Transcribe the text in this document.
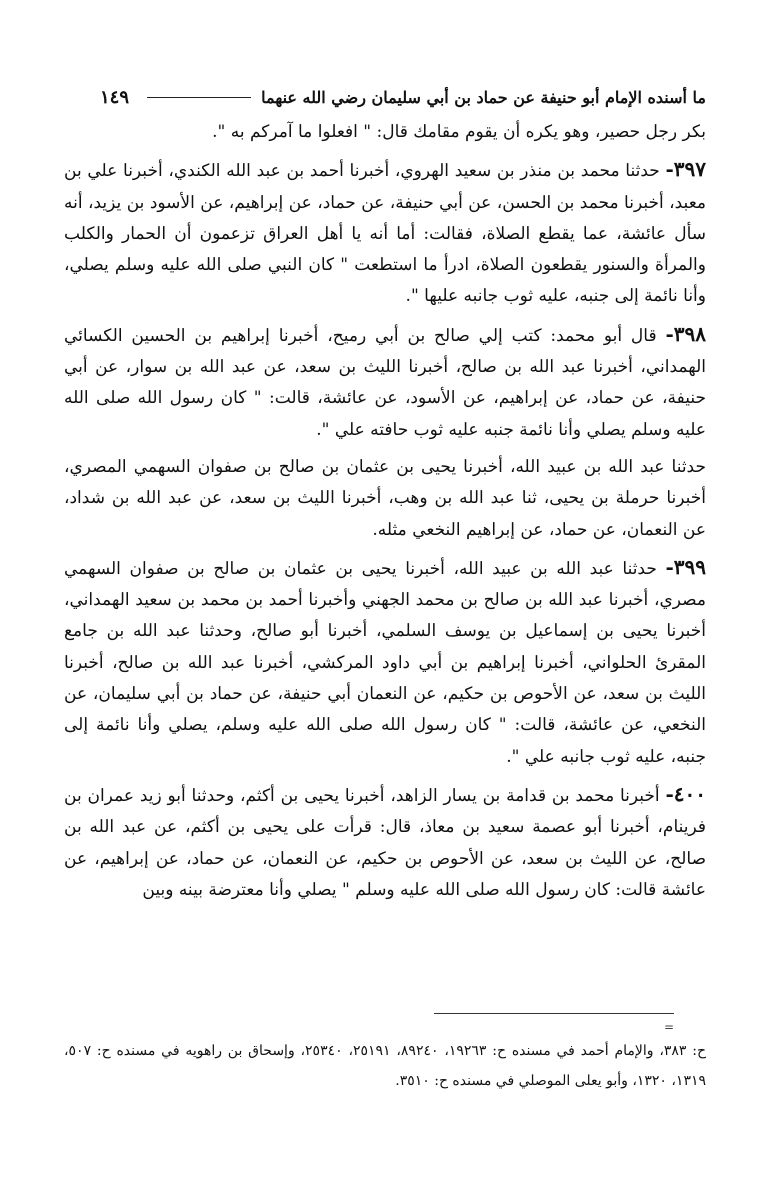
ما أسنده الإمام أبو حنيفة عن حماد بن أبي سليمان رضي الله عنهما
١٤٩

بكر رجل حصير، وهو يكره أن يقوم مقامك قال: " افعلوا ما آمركم به ".

٣٩٧- حدثنا محمد بن منذر بن سعيد الهروي، أخبرنا أحمد بن عبد الله الكندي، أخبرنا علي بن معبد، أخبرنا محمد بن الحسن، عن أبي حنيفة، عن حماد، عن إبراهيم، عن الأسود بن يزيد، أنه سأل عائشة، عما يقطع الصلاة، فقالت: أما أنه يا أهل العراق تزعمون أن الحمار والكلب والمرأة والسنور يقطعون الصلاة، ادرأ ما استطعت " كان النبي صلى الله عليه وسلم يصلي، وأنا نائمة إلى جنبه، عليه ثوب جانبه عليها ".

٣٩٨- قال أبو محمد: كتب إلي صالح بن أبي رميح، أخبرنا إبراهيم بن الحسين الكسائي الهمداني، أخبرنا عبد الله بن صالح، أخبرنا الليث بن سعد، عن عبد الله بن سوار، عن أبي حنيفة، عن حماد، عن إبراهيم، عن الأسود، عن عائشة، قالت: " كان رسول الله صلى الله عليه وسلم يصلي وأنا نائمة جنبه عليه ثوب حافته علي ".

حدثنا عبد الله بن عبيد الله، أخبرنا يحيى بن عثمان بن صالح بن صفوان السهمي المصري، أخبرنا حرملة بن يحيى، ثنا عبد الله بن وهب، أخبرنا الليث بن سعد، عن عبد الله بن شداد، عن النعمان، عن حماد، عن إبراهيم النخعي مثله.

٣٩٩- حدثنا عبد الله بن عبيد الله، أخبرنا يحيى بن عثمان بن صالح بن صفوان السهمي مصري، أخبرنا عبد الله بن صالح بن محمد الجهني وأخبرنا أحمد بن محمد بن سعيد الهمداني، أخبرنا يحيى بن إسماعيل بن يوسف السلمي، أخبرنا أبو صالح، وحدثنا عبد الله بن جامع المقرئ الحلواني، أخبرنا إبراهيم بن أبي داود المركشي، أخبرنا عبد الله بن صالح، أخبرنا الليث بن سعد، عن الأحوص بن حكيم، عن النعمان أبي حنيفة، عن حماد بن أبي سليمان، عن النخعي، عن عائشة، قالت: " كان رسول الله صلى الله عليه وسلم، يصلي وأنا نائمة إلى جنبه، عليه ثوب جانبه علي ".

٤٠٠- أخبرنا محمد بن قدامة بن يسار الزاهد، أخبرنا يحيى بن أكثم، وحدثنا أبو زيد عمران بن فرينام، أخبرنا أبو عصمة سعيد بن معاذ، قال: قرأت على يحيى بن أكثم، عن عبد الله بن صالح، عن الليث بن سعد، عن الأحوص بن حكيم، عن النعمان، عن حماد، عن إبراهيم، عن عائشة قالت: كان رسول الله صلى الله عليه وسلم " يصلي وأنا معترضة بينه وبين

=
ح: ٣٨٣، والإمام أحمد في مسنده ح: ١٩٢٦٣، ٨٩٢٤٠، ٢٥١٩١، ٢٥٣٤٠، وإسحاق بن راهويه في مسنده ح: ٥٠٧، ١٣١٩، ١٣٢٠، وأبو يعلى الموصلي في مسنده ح: ٣٥١٠.
